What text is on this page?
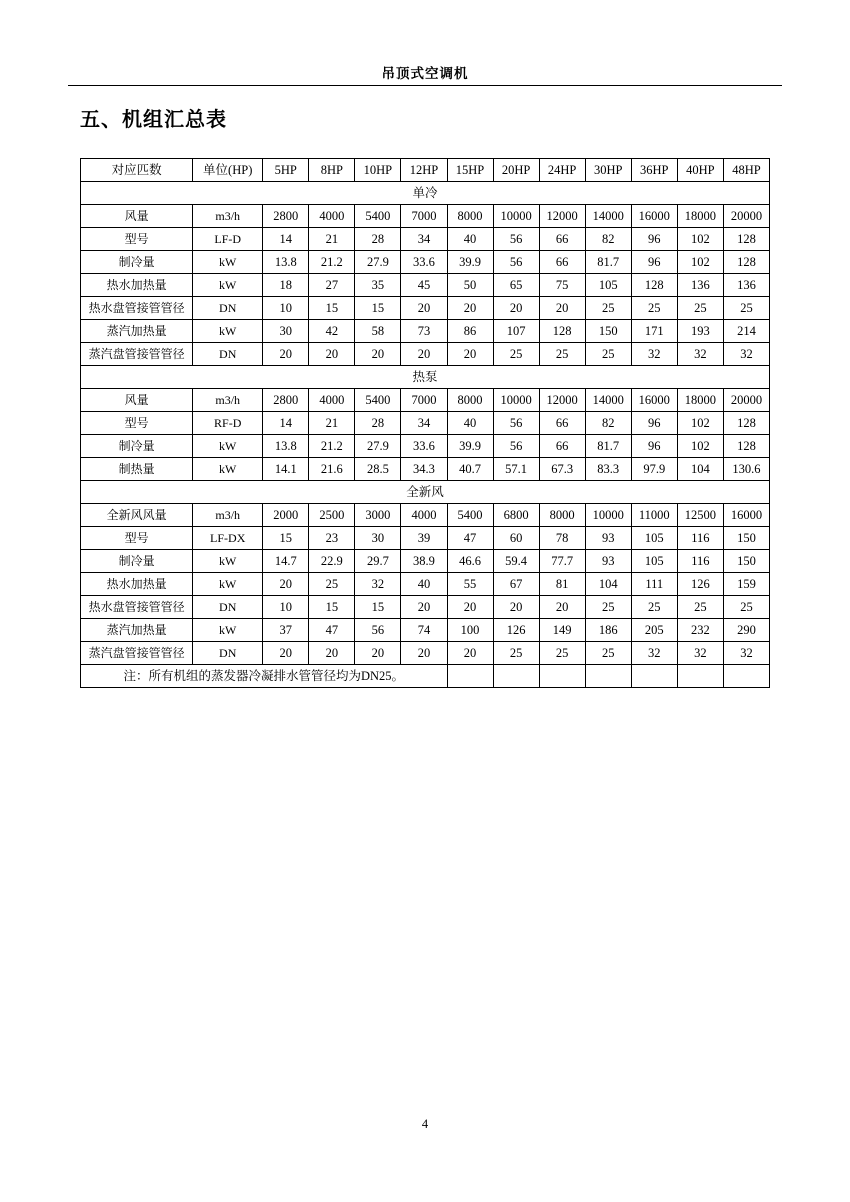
吊顶式空调机
五、机组汇总表
对应匹数	单位(HP)	5HP	8HP	10HP	12HP	15HP	20HP	24HP	30HP	36HP	40HP	48HP
单冷												
风量	m3/h	2800	4000	5400	7000	8000	10000	12000	14000	16000	18000	20000
型号	LF-D	14	21	28	34	40	56	66	82	96	102	128
制冷量	kW	13.8	21.2	27.9	33.6	39.9	56	66	81.7	96	102	128
热水加热量	kW	18	27	35	45	50	65	75	105	128	136	136
热水盘管接管管径	DN	10	15	15	20	20	20	20	25	25	25	25
蒸汽加热量	kW	30	42	58	73	86	107	128	150	171	193	214
蒸汽盘管接管管径	DN	20	20	20	20	20	25	25	25	32	32	32
热泵												
风量	m3/h	2800	4000	5400	7000	8000	10000	12000	14000	16000	18000	20000
型号	RF-D	14	21	28	34	40	56	66	82	96	102	128
制冷量	kW	13.8	21.2	27.9	33.6	39.9	56	66	81.7	96	102	128
制热量	kW	14.1	21.6	28.5	34.3	40.7	57.1	67.3	83.3	97.9	104	130.6
全新风												
全新风风量	m3/h	2000	2500	3000	4000	5400	6800	8000	10000	11000	12500	16000
型号	LF-DX	15	23	30	39	47	60	78	93	105	116	150
制冷量	kW	14.7	22.9	29.7	38.9	46.6	59.4	77.7	93	105	116	150
热水加热量	kW	20	25	32	40	55	67	81	104	111	126	159
热水盘管接管管径	DN	10	15	15	20	20	20	20	25	25	25	25
蒸汽加热量	kW	37	47	56	74	100	126	149	186	205	232	290
蒸汽盘管接管管径	DN	20	20	20	20	20	25	25	25	32	32	32
注：所有机组的蒸发器冷凝排水管管径均为DN25。												
4
